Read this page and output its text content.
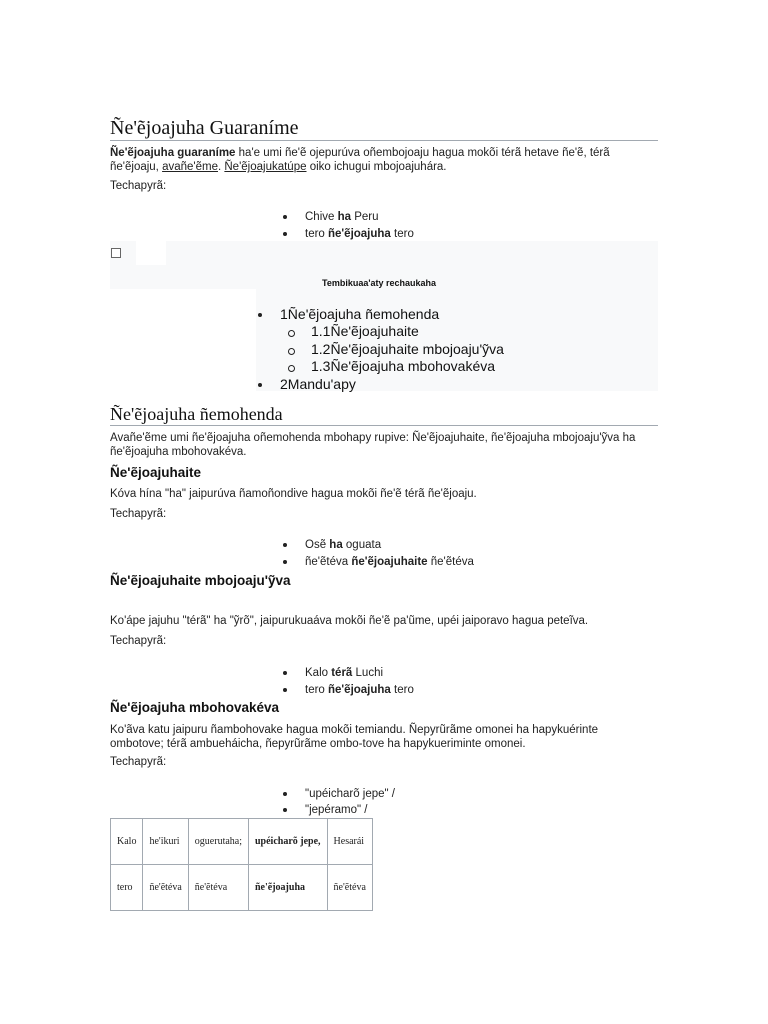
Ñe'ẽjoajuha Guaraníme
Ñe'ẽjoajuha guaraníme ha'e umi ñe'ẽ ojepurúva oñembojoaju hagua mokõi térã hetave ñe'ẽ, térã
ñe'ẽjoaju, avañe'ẽme. Ñe'ẽjoajukatúpe oiko ichugui mbojoajuhára.
Techapyrã:
Chive ha Peru
tero ñe'ẽjoajuha tero
Tembikuaa'aty rechaukaha
1Ñe'ẽjoajuha ñemohenda
1.1Ñe'ẽjoajuhaite
1.2Ñe'ẽjoajuhaite mbojoaju'ỹva
1.3Ñe'ẽjoajuha mbohovakéva
2Mandu'apy
Ñe'ẽjoajuha ñemohenda
Avañe'ẽme umi ñe'ẽjoajuha oñemohenda mbohapy rupive: Ñe'ẽjoajuhaite, ñe'ẽjoajuha mbojoaju'ỹva ha
ñe'ẽjoajuha mbohovakéva.
Ñe'ẽjoajuhaite
Kóva hína "ha" jaipurúva ñamoñondive hagua mokõi ñe'ẽ térã ñe'ẽjoaju.
Techapyrã:
Osẽ ha oguata
ñe'ẽtéva ñe'ẽjoajuhaite ñe'ẽtéva
Ñe'ẽjoajuhaite mbojoaju'ỹva
Ko'ápe jajuhu "térã" ha "ỹrõ", jaipurukuaáva mokõi ñe'ẽ pa'ũme, upéi jaiporavo hagua peteĩva.
Techapyrã:
Kalo térã Luchi
tero ñe'ẽjoajuha tero
Ñe'ẽjoajuha mbohovakéva
Ko'ãva katu jaipuru ñambohovake hagua mokõi temiandu. Ñepyrũrãme omonei ha hapykuérinte
ombotove; térã ambueháicha, ñepyrũrãme ombo-tove ha hapykueriminte omonei.
Techapyrã:
"upéicharõ jepe" /
"jepéramo" /
Kalo	he'ikuri	oguerutaha;	upéicharõ jepe,	Hesarái
tero	ñe'ẽtéva	ñe'ẽtéva	ñe'ẽjoajuha	ñe'ẽtéva
